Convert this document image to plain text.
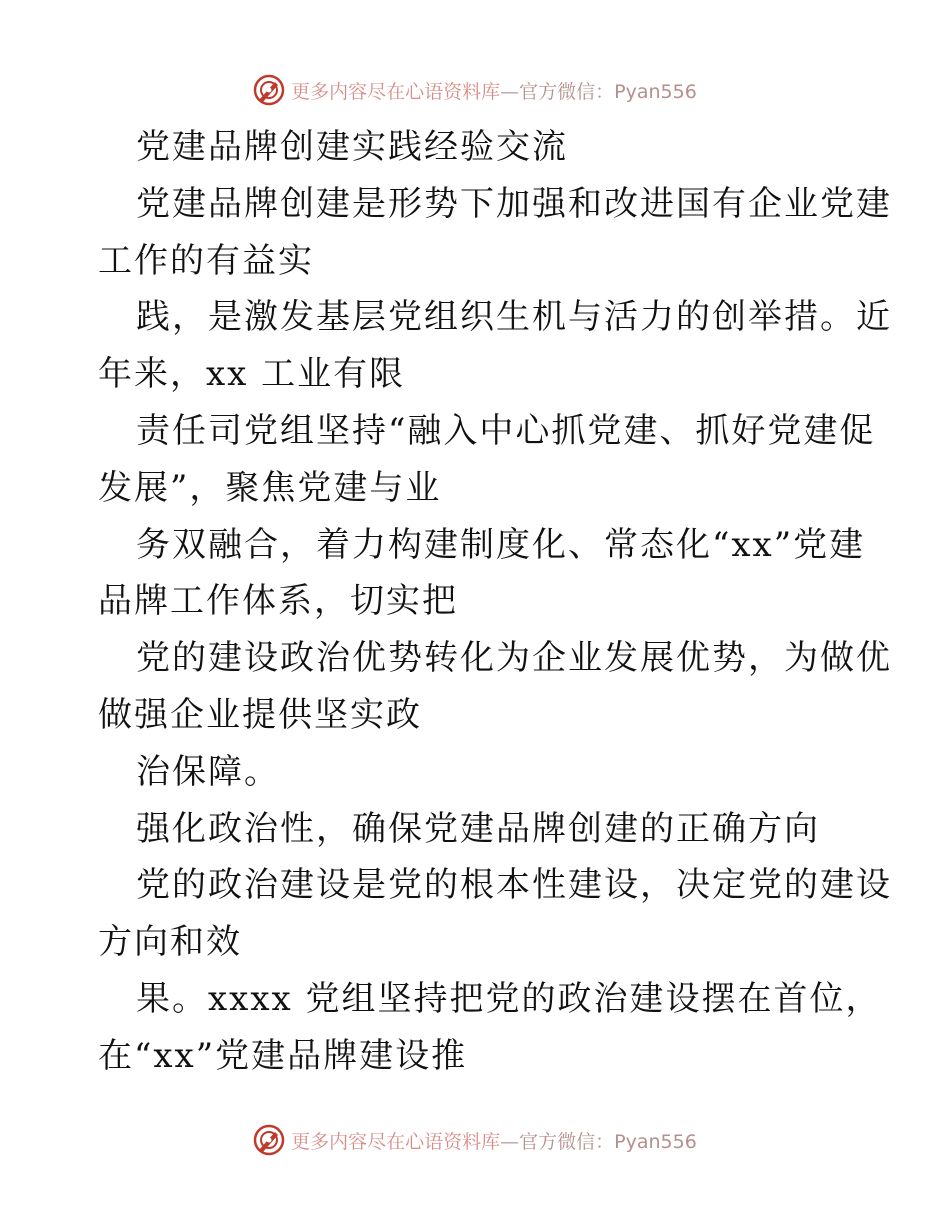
更多内容尽在心语资料库—官方微信：Pyan556
党建品牌创建实践经验交流
党建品牌创建是形势下加强和改进国有企业党建
工作的有益实
践，是激发基层党组织生机与活力的创举措。近
年来，xx 工业有限
责任司党组坚持“融入中心抓党建、抓好党建促
发展”，聚焦党建与业
务双融合，着力构建制度化、常态化“xx”党建
品牌工作体系，切实把
党的建设政治优势转化为企业发展优势，为做优
做强企业提供坚实政
治保障。
强化政治性，确保党建品牌创建的正确方向
党的政治建设是党的根本性建设，决定党的建设
方向和效
果。xxxx 党组坚持把党的政治建设摆在首位，
在“xx”党建品牌建设推
更多内容尽在心语资料库—官方微信：Pyan556
